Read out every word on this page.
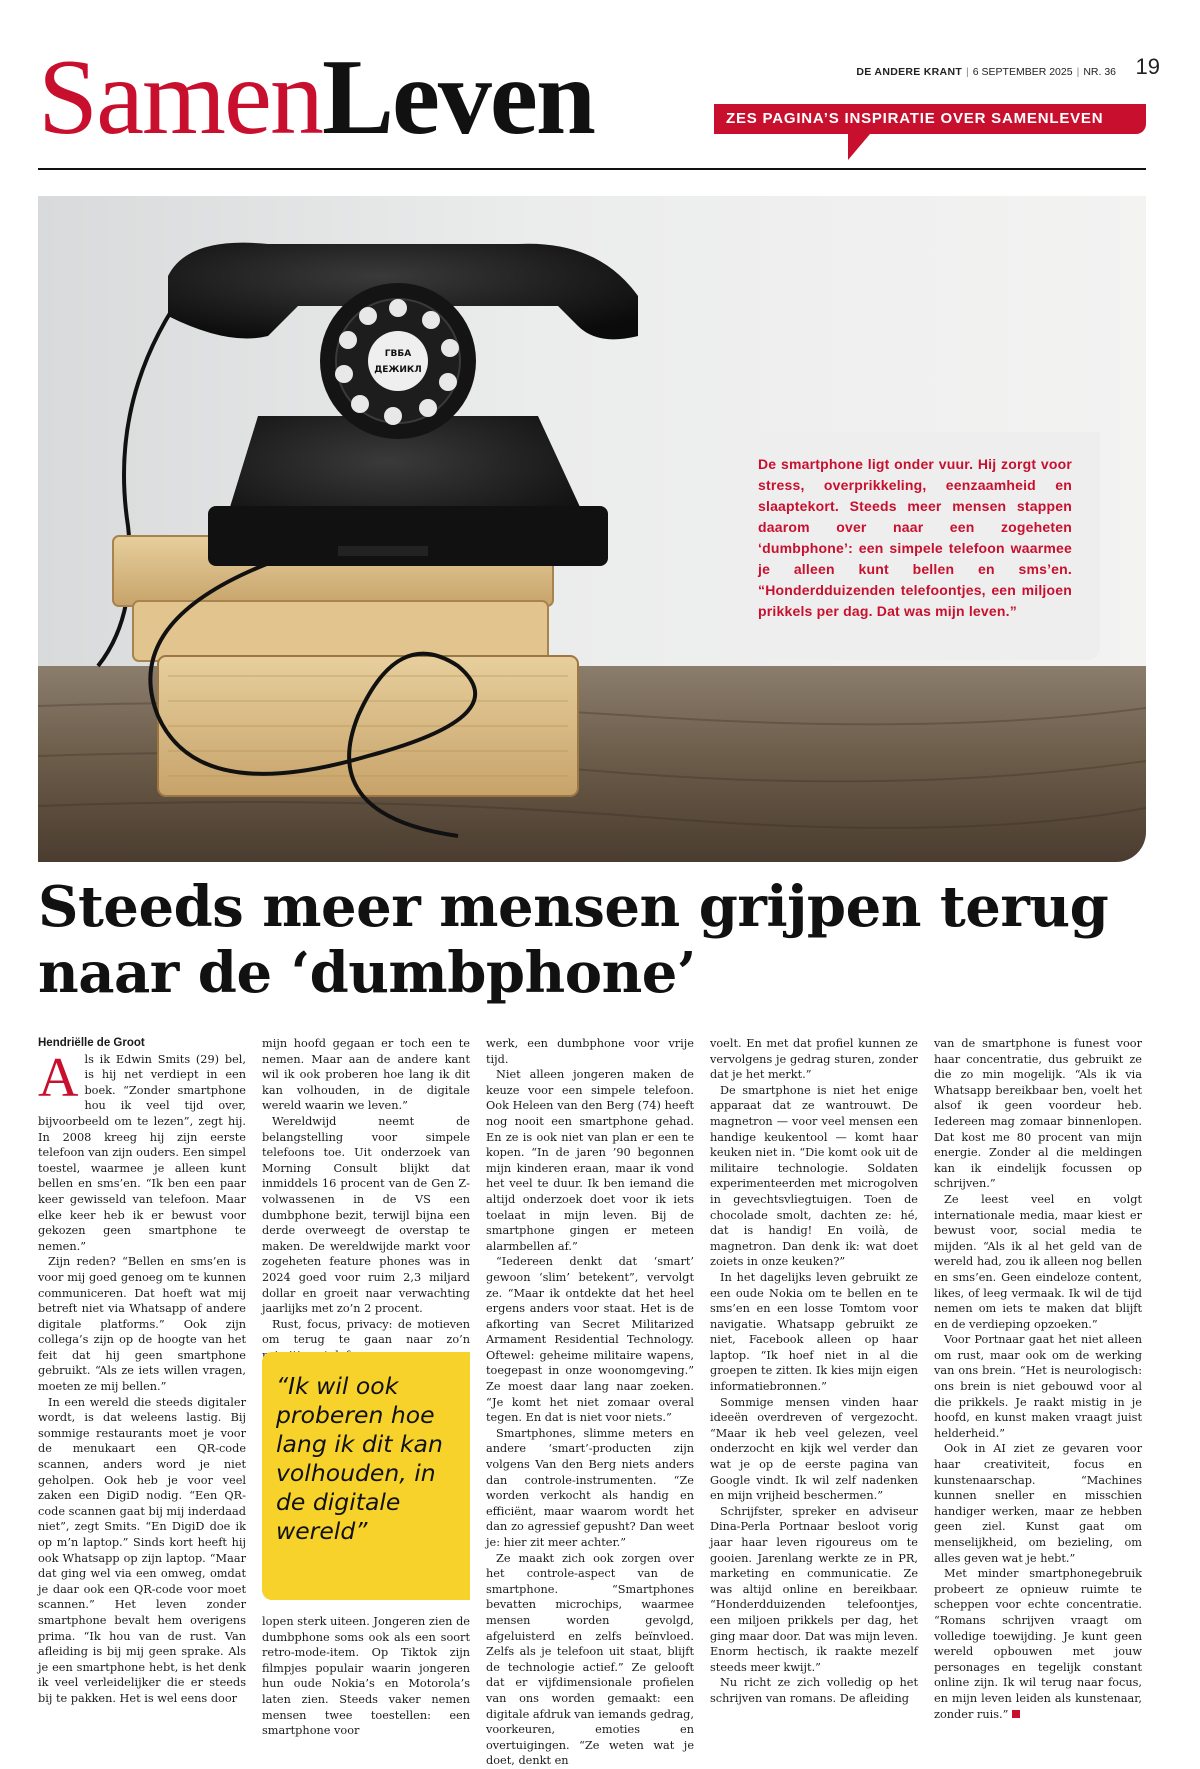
SamenLeven	DE ANDERE KRANT | 6 SEPTEMBER 2025 | NR. 36 19
ZES PAGINA’S INSPIRATIE OVER SAMENLEVEN
ГВБА
ДЕЖИКЛ

De smartphone ligt onder vuur. Hij zorgt voor stress, overprikkeling, eenzaamheid en slaaptekort. Steeds meer mensen stappen daarom over naar een zogeheten ‘dumbphone’: een simpele telefoon waarmee je alleen kunt bellen en sms’en. “Honderdduizenden telefoontjes, een miljoen prikkels per dag. Dat was mijn leven.”

Steeds meer mensen grijpen terug naar de ‘dumbphone’

Hendriëlle de Groot

Als ik Edwin Smits (29) bel, is hij net verdiept in een boek. “Zonder smartphone hou ik veel tijd over, bijvoorbeeld om te lezen”, zegt hij. In 2008 kreeg hij zijn eerste telefoon van zijn ouders. Een simpel toestel, waarmee je alleen kunt bellen en sms’en. “Ik ben een paar keer gewisseld van telefoon. Maar elke keer heb ik er bewust voor gekozen geen smartphone te nemen.”

Zijn reden? “Bellen en sms’en is voor mij goed genoeg om te kunnen communiceren. Dat hoeft wat mij betreft niet via Whatsapp of andere digitale platforms.” Ook zijn collega’s zijn op de hoogte van het feit dat hij geen smartphone gebruikt. “Als ze iets willen vragen, moeten ze mij bellen.”

In een wereld die steeds digitaler wordt, is dat weleens lastig. Bij sommige restaurants moet je voor de menukaart een QR-code scannen, anders word je niet geholpen. Ook heb je voor veel zaken een DigiD nodig. “Een QR-code scannen gaat bij mij inderdaad niet”, zegt Smits. “En DigiD doe ik op m’n laptop.” Sinds kort heeft hij ook Whatsapp op zijn laptop. “Maar dat ging wel via een omweg, omdat je daar ook een QR-code voor moet scannen.” Het leven zonder smartphone bevalt hem overigens prima. “Ik hou van de rust. Van afleiding is bij mij geen sprake. Als je een smartphone hebt, is het denk ik veel verleidelijker die er steeds bij te pakken. Het is wel eens door

mijn hoofd gegaan er toch een te nemen. Maar aan de andere kant wil ik ook proberen hoe lang ik dit kan volhouden, in de digitale wereld waarin we leven.”

Wereldwijd neemt de belangstelling voor simpele telefoons toe. Uit onderzoek van Morning Consult blijkt dat inmiddels 16 procent van de Gen Z-volwassenen in de VS een dumbphone bezit, terwijl bijna een derde overweegt de overstap te maken. De wereldwijde markt voor zogeheten feature phones was in 2024 goed voor ruim 2,3 miljard dollar en groeit naar verwachting jaarlijks met zo’n 2 procent.

Rust, focus, privacy: de motieven om terug te gaan naar zo’n

“Ik wil ook proberen hoe lang ik dit kan volhouden, in de digitale wereld”

lopen sterk uiteen. Jongeren zien de dumbphone soms ook als een soort retro-mode-item. Op Tiktok zijn filmpjes populair waarin jongeren hun oude Nokia’s en Motorola’s laten zien. Steeds vaker nemen mensen twee toestellen: een smartphone voor

werk, een dumbphone voor vrije tijd.

Niet alleen jongeren maken de keuze voor een simpele telefoon. Ook Heleen van den Berg (74) heeft nog nooit een smartphone gehad. En ze is ook niet van plan er een te kopen. “In de jaren ’90 begonnen mijn kinderen eraan, maar ik vond het veel te duur. Ik ben iemand die altijd onderzoek doet voor ik iets toelaat in mijn leven. Bij de smartphone gingen er meteen alarmbellen af.”

“Iedereen denkt dat ‘smart’ gewoon ‘slim’ betekent”, vervolgt ze. “Maar ik ontdekte dat het heel ergens anders voor staat. Het is de afkorting van Secret Militarized Armament Residential Technology. Oftewel: geheime militaire wapens, toegepast in onze woonomgeving.” Ze moest daar lang naar zoeken. “Je komt het niet zomaar overal tegen. En dat is niet voor niets.”

Smartphones, slimme meters en andere ‘smart’-producten zijn volgens Van den Berg niets anders dan controle-instrumenten. “Ze worden verkocht als handig en efficiënt, maar waarom wordt het dan zo agressief gepusht? Dan weet je: hier zit meer achter.”

Ze maakt zich ook zorgen over het controle-aspect van de smartphone. “Smartphones bevatten microchips, waarmee mensen worden gevolgd, afgeluisterd en zelfs beïnvloed. Zelfs als je telefoon uit staat, blijft de technologie actief.” Ze gelooft dat er vijfdimensionale profielen van ons worden gemaakt: een digitale afdruk van iemands gedrag, voorkeuren, emoties en overtuigingen. “Ze weten wat je doet, denkt en

voelt. En met dat profiel kunnen ze vervolgens je gedrag sturen, zonder dat je het merkt.”

De smartphone is niet het enige apparaat dat ze wantrouwt. De magnetron — voor veel mensen een handige keukentool — komt haar keuken niet in. “Die komt ook uit de militaire technologie. Soldaten experimenteerden met microgolven in gevechtsvliegtuigen. Toen de chocolade smolt, dachten ze: hé, dat is handig! En voilà, de magnetron. Dan denk ik: wat doet zoiets in onze keuken?”

In het dagelijks leven gebruikt ze een oude Nokia om te bellen en te sms’en en een losse Tomtom voor navigatie. Whatsapp gebruikt ze niet, Facebook alleen op haar laptop. “Ik hoef niet in al die groepen te zitten. Ik kies mijn eigen informatiebronnen.”

Sommige mensen vinden haar ideeën overdreven of vergezocht. “Maar ik heb veel gelezen, veel onderzocht en kijk wel verder dan wat je op de eerste pagina van Google vindt. Ik wil zelf nadenken en mijn vrijheid beschermen.”

Schrijfster, spreker en adviseur Dina-Perla Portnaar besloot vorig jaar haar leven rigoureus om te gooien. Jarenlang werkte ze in PR, marketing en communicatie. Ze was altijd online en bereikbaar. “Honderdduizenden telefoontjes, een miljoen prikkels per dag, het ging maar door. Dat was mijn leven. Enorm hectisch, ik raakte mezelf steeds meer kwijt.”

Nu richt ze zich volledig op het schrijven van romans. De afleiding

van de smartphone is funest voor haar concentratie, dus gebruikt ze die zo min mogelijk. “Als ik via Whatsapp bereikbaar ben, voelt het alsof ik geen voordeur heb. Iedereen mag zomaar binnenlopen. Dat kost me 80 procent van mijn energie. Zonder al die meldingen kan ik eindelijk focussen op schrijven.”

Ze leest veel en volgt internationale media, maar kiest er bewust voor, social media te mijden. “Als ik al het geld van de wereld had, zou ik alleen nog bellen en sms’en. Geen eindeloze content, likes, of leeg vermaak. Ik wil de tijd nemen om iets te maken dat blijft en de verdieping opzoeken.”

Voor Portnaar gaat het niet alleen om rust, maar ook om de werking van ons brein. “Het is neurologisch: ons brein is niet gebouwd voor al die prikkels. Je raakt mistig in je hoofd, en kunst maken vraagt juist helderheid.”

Ook in AI ziet ze gevaren voor haar creativiteit, focus en kunstenaarschap. “Machines kunnen sneller en misschien handiger werken, maar ze hebben geen ziel. Kunst gaat om menselijkheid, om bezieling, om alles geven wat je hebt.”

Met minder smartphonegebruik probeert ze opnieuw ruimte te scheppen voor echte concentratie. “Romans schrijven vraagt om volledige toewijding. Je kunt geen wereld opbouwen met jouw personages en tegelijk constant online zijn. Ik wil terug naar focus, en mijn leven leiden als kunstenaar, zonder ruis.”
